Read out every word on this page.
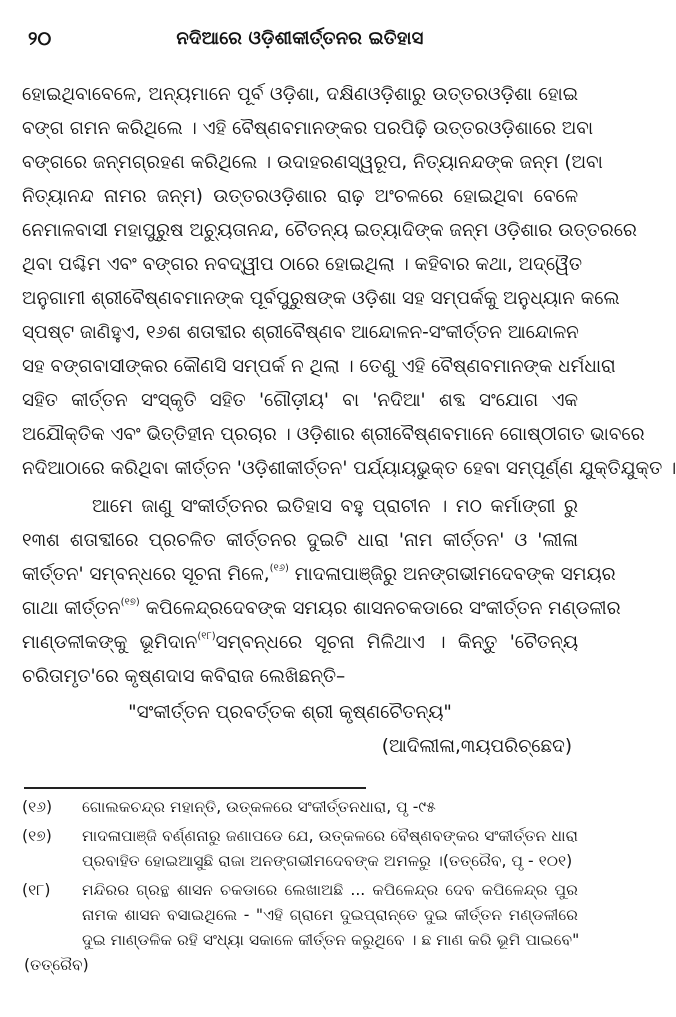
୨୦	ନଦିଆରେ ଓଡ଼ିଶୀକୀର୍ତ୍ତନର ଇତିହାସ
ହୋଇଥିବାବେଳେ, ଅନ୍ୟମାନେ ପୂର୍ବ ଓଡ଼ିଶା, ଦକ୍ଷିଣଓଡ଼ିଶାରୁ ଉତ୍ତରଓଡ଼ିଶା ହୋଇ
ବଙ୍ଗ ଗମନ କରିଥିଲେ । ଏହି ବୈଷ୍ଣବମାନଙ୍କର ପରପିଢ଼ି ଉତ୍ତରଓଡ଼ିଶାରେ ଅବା
ବଙ୍ଗରେ ଜନ୍ମଗ୍ରହଣ କରିଥିଲେ । ଉଦାହରଣସ୍ୱରୂପ, ନିତ୍ୟାନନ୍ଦଙ୍କ ଜନ୍ମ (ଅବା
ନିତ୍ୟାନନ୍ଦ ନାମର ଜନ୍ମ) ଉତ୍ତରଓଡ଼ିଶାର ରାଢ଼ ଅଂଚଳରେ ହୋଇଥିବା ବେଳେ
ନେମାଳବାସୀ ମହାପୁରୁଷ ଅଚ୍ୟୁତାନନ୍ଦ, ଚୈତନ୍ୟ ଇତ୍ୟାଦିଙ୍କ ଜନ୍ମ ଓଡ଼ିଶାର ଉତ୍ତରରେ
ଥିବା ପଶ୍ଚିମ ଏବଂ ବଙ୍ଗର ନବଦ୍ୱୀପ ଠାରେ ହୋଇଥିଲା । କହିବାର କଥା, ଅଦ୍ୱୈତ
ଅନୁଗାମୀ ଶ୍ରୀବୈଷ୍ଣବମାନଙ୍କ ପୂର୍ବପୁରୁଷଙ୍କ ଓଡ଼ିଶା ସହ ସମ୍ପର୍କକୁ ଅନୁଧ୍ୟାନ କଲେ
ସ୍ପଷ୍ଟ ଜାଣିହୁଏ, ୧୬ଶ ଶତାବ୍ଦୀର ଶ୍ରୀବୈଷ୍ଣବ ଆନ୍ଦୋଳନ-ସଂକୀର୍ତ୍ତନ ଆନ୍ଦୋଳନ
ସହ ବଙ୍ଗବାସୀଙ୍କର କୌଣସି ସମ୍ପର୍କ ନ ଥିଲା । ତେଣୁ ଏହି ବୈଷ୍ଣବମାନଙ୍କ ଧର୍ମଧାରା
ସହିତ କୀର୍ତ୍ତନ ସଂସ୍କୃତି ସହିତ 'ଗୌଡ଼ୀୟ' ବା 'ନଦିଆ' ଶବ୍ଦ ସଂଯୋଗ ଏକ
ଅଯୌକ୍ତିକ ଏବଂ ଭିତ୍ତିହୀନ ପ୍ରଚାର । ଓଡ଼ିଶାର ଶ୍ରୀବୈଷ୍ଣବମାନେ ଗୋଷ୍ଠୀଗତ ଭାବରେ
ନଦିଆଠାରେ କରିଥିବା କୀର୍ତ୍ତନ 'ଓଡ଼ିଶୀକୀର୍ତ୍ତନ' ପର୍ଯ୍ୟାୟଭୁକ୍ତ ହେବା ସମ୍ପୂର୍ଣ୍ଣ ଯୁକ୍ତିଯୁକ୍ତ ।
ଆମେ ଜାଣୁ ସଂକୀର୍ତ୍ତନର ଇତିହାସ ବହୁ ପ୍ରାଚୀନ । ମଠ କର୍ମାଙ୍ଗୀ ରୁ
୧୩ଶ ଶତାବ୍ଦୀରେ ପ୍ରଚଳିତ କୀର୍ତ୍ତନର ଦୁଇଟି ଧାରା 'ନାମ କୀର୍ତ୍ତନ' ଓ 'ଲୀଳା
କୀର୍ତ୍ତନ' ସମ୍ବନ୍ଧରେ ସୂଚନା ମିଳେ,$^{(୧୬)}$ ମାଦଳାପାଞ୍ଜିରୁ ଅନଙ୍ଗଭୀମଦେବଙ୍କ ସମୟର
ଗାଥା କୀର୍ତ୍ତନ$^{(୧୭)}$ କପିଳେନ୍ଦ୍ରଦେବଙ୍କ ସମୟର ଶାସନଚକଡାରେ ସଂକୀର୍ତ୍ତନ ମଣ୍ଡଳୀର
ମାଣ୍ଡଳୀକଙ୍କୁ ଭୂମିଦାନ$^{(୧୮)}$ସମ୍ବନ୍ଧରେ ସୂଚନା ମିଳିଥାଏ । କିନ୍ତୁ 'ଚୈତନ୍ୟ
ଚରିତାମୃତ'ରେ କୃଷ୍ଣଦାସ କବିରାଜ ଲେଖିଛନ୍ତି–
"ସଂକୀର୍ତ୍ତନ ପ୍ରବର୍ତ୍ତକ ଶ୍ରୀ କୃଷ୍ଣଚୈତନ୍ୟ"
(ଆଦିଲୀଳା,୩ୟପରିଚ୍ଛେଦ)
(୧୬) ଗୋଲକଚନ୍ଦ୍ର ମହାନ୍ତି, ଉତ୍କଳରେ ସଂକୀର୍ତ୍ତନଧାରା, ପୃ -୯୫
(୧୭) ମାଦଳାପାଞ୍ଜି ବର୍ଣ୍ଣନାରୁ ଜଣାପଡେ ଯେ, ଉତ୍କଳରେ ବୈଷ୍ଣବଙ୍କର ସଂକୀର୍ତ୍ତନ ଧାରା
ପ୍ରବାହିତ ହୋଇଆସୁଛି ରାଜା ଅନଙ୍ଗଭୀମଦେବଙ୍କ ଅମଳରୁ ।(ତତ୍ରୈବ, ପୃ - ୧୦୧)
(୧୮) ମନ୍ଦିରର ଗ୍ରନ୍ଥ ଶାସନ ଚକଡାରେ ଲେଖାଅଛି ... କପିଳେନ୍ଦ୍ର ଦେବ କପିଳେନ୍ଦ୍ର ପୁର
ନାମକ ଶାସନ ବସାଇଥିଲେ - "ଏହି ଗ୍ରାମେ ଦୁଇପ୍ରାନ୍ତେ ଦୁଇ କୀର୍ତ୍ତନ ମଣ୍ଡଳୀରେ
ଦୁଇ ମାଣ୍ଡଳିକ ରହି ସଂଧ୍ୟା ସକାଳେ କୀର୍ତ୍ତନ କରୁଥିବେ । ଛ ମାଣ କରି ଭୂମି ପାଇବେ"
(ତତ୍ରୈବ)
